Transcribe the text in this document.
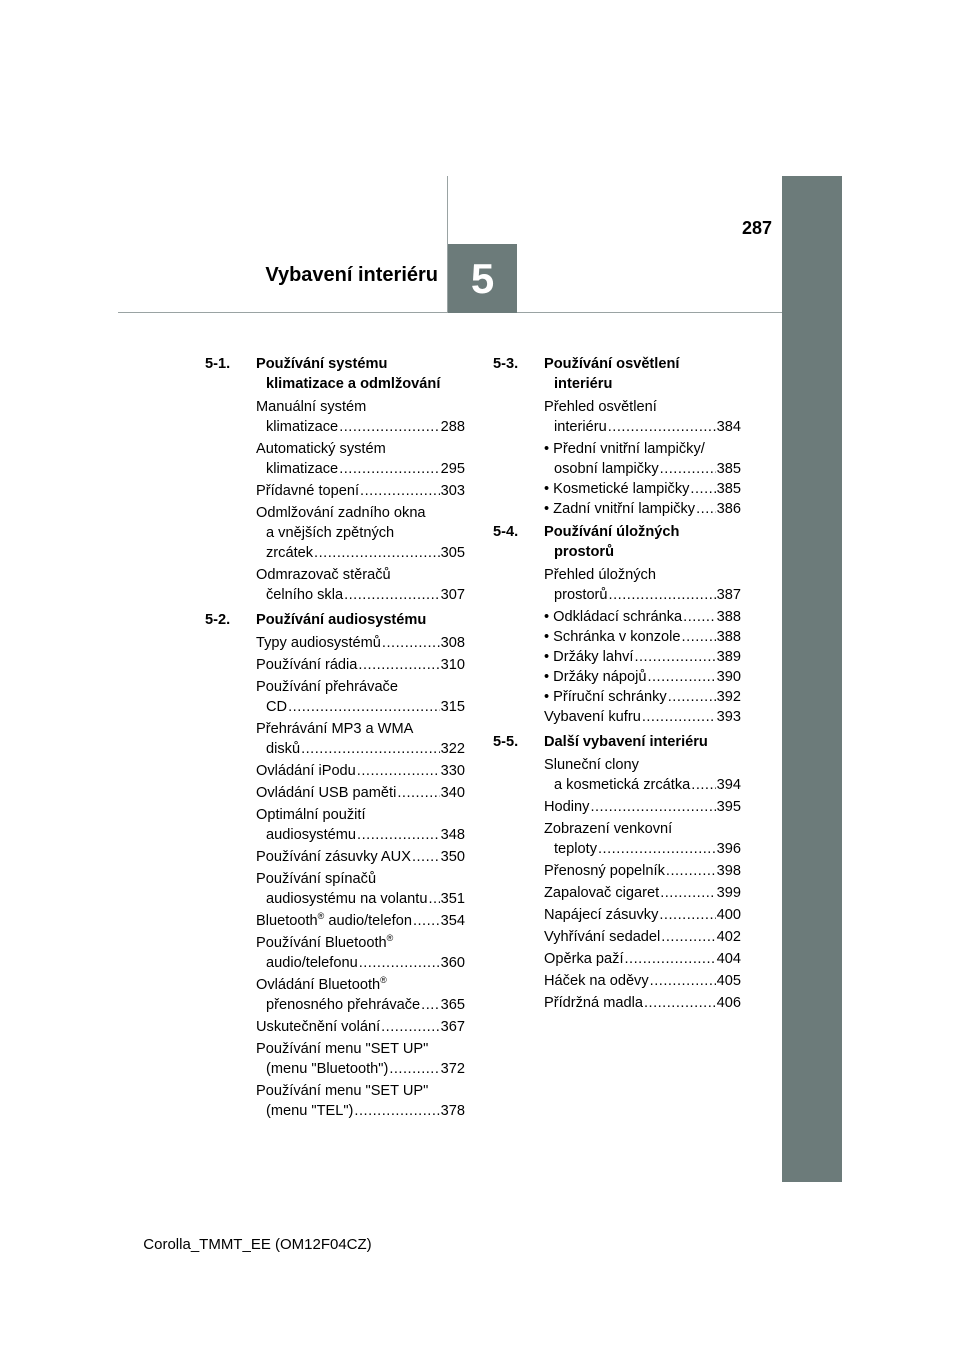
5
Vybavení interiéru
287
5-1.	Používání systému klimatizace a odmlžování
Manuální systém
klimatizace .....	288
Automatický systém
klimatizace .....	295
Přídavné topení .....	303
Odmlžování zadního okna
a vnějších zpětných
zrcátek .....	305
Odmrazovač stěračů
čelního skla .....	307
5-2.	Používání audiosystému
Typy audiosystémů .....	308
Používání rádia .....	310
Používání přehrávače
CD .....	315
Přehrávání MP3 a WMA
disků .....	322
Ovládání iPodu .....	330
Ovládání USB paměti .....	340
Optimální použití
audiosystému .....	348
Používání zásuvky AUX ..... 350
Používání spínačů
audiosystému na volantu ..... 351
Bluetooth® audio/telefon ..... 354
Používání Bluetooth®
audio/telefonu .....	360
Ovládání Bluetooth®
přenosného přehrávače ..... 365
Uskutečnění volání .....	367
Používání menu "SET UP"
(menu "Bluetooth") .....	372
Používání menu "SET UP"
(menu "TEL") .....	378
5-3.	Používání osvětlení interiéru
Přehled osvětlení
interiéru .....	384
• Přední vnitřní lampičky/
osobní lampičky .....	385
• Kosmetické lampičky ..... 385
• Zadní vnitřní lampičky ..... 386
5-4.	Používání úložných prostorů
Přehled úložných
prostorů .....	387
• Odkládací schránka ..... 388
• Schránka v konzole ..... 388
• Držáky lahví .....	389
• Držáky nápojů .....	390
• Příruční schránky .....	392
Vybavení kufru .....	393
5-5.	Další vybavení interiéru
Sluneční clony
a kosmetická zrcátka ..... 394
Hodiny .....	395
Zobrazení venkovní
teploty .....	396
Přenosný popelník .....	398
Zapalovač cigaret .....	399
Napájecí zásuvky .....	400
Vyhřívání sedadel .....	402
Opěrka paží .....	404
Háček na oděvy .....	405
Přídržná madla .....	406
Corolla_TMMT_EE (OM12F04CZ)
